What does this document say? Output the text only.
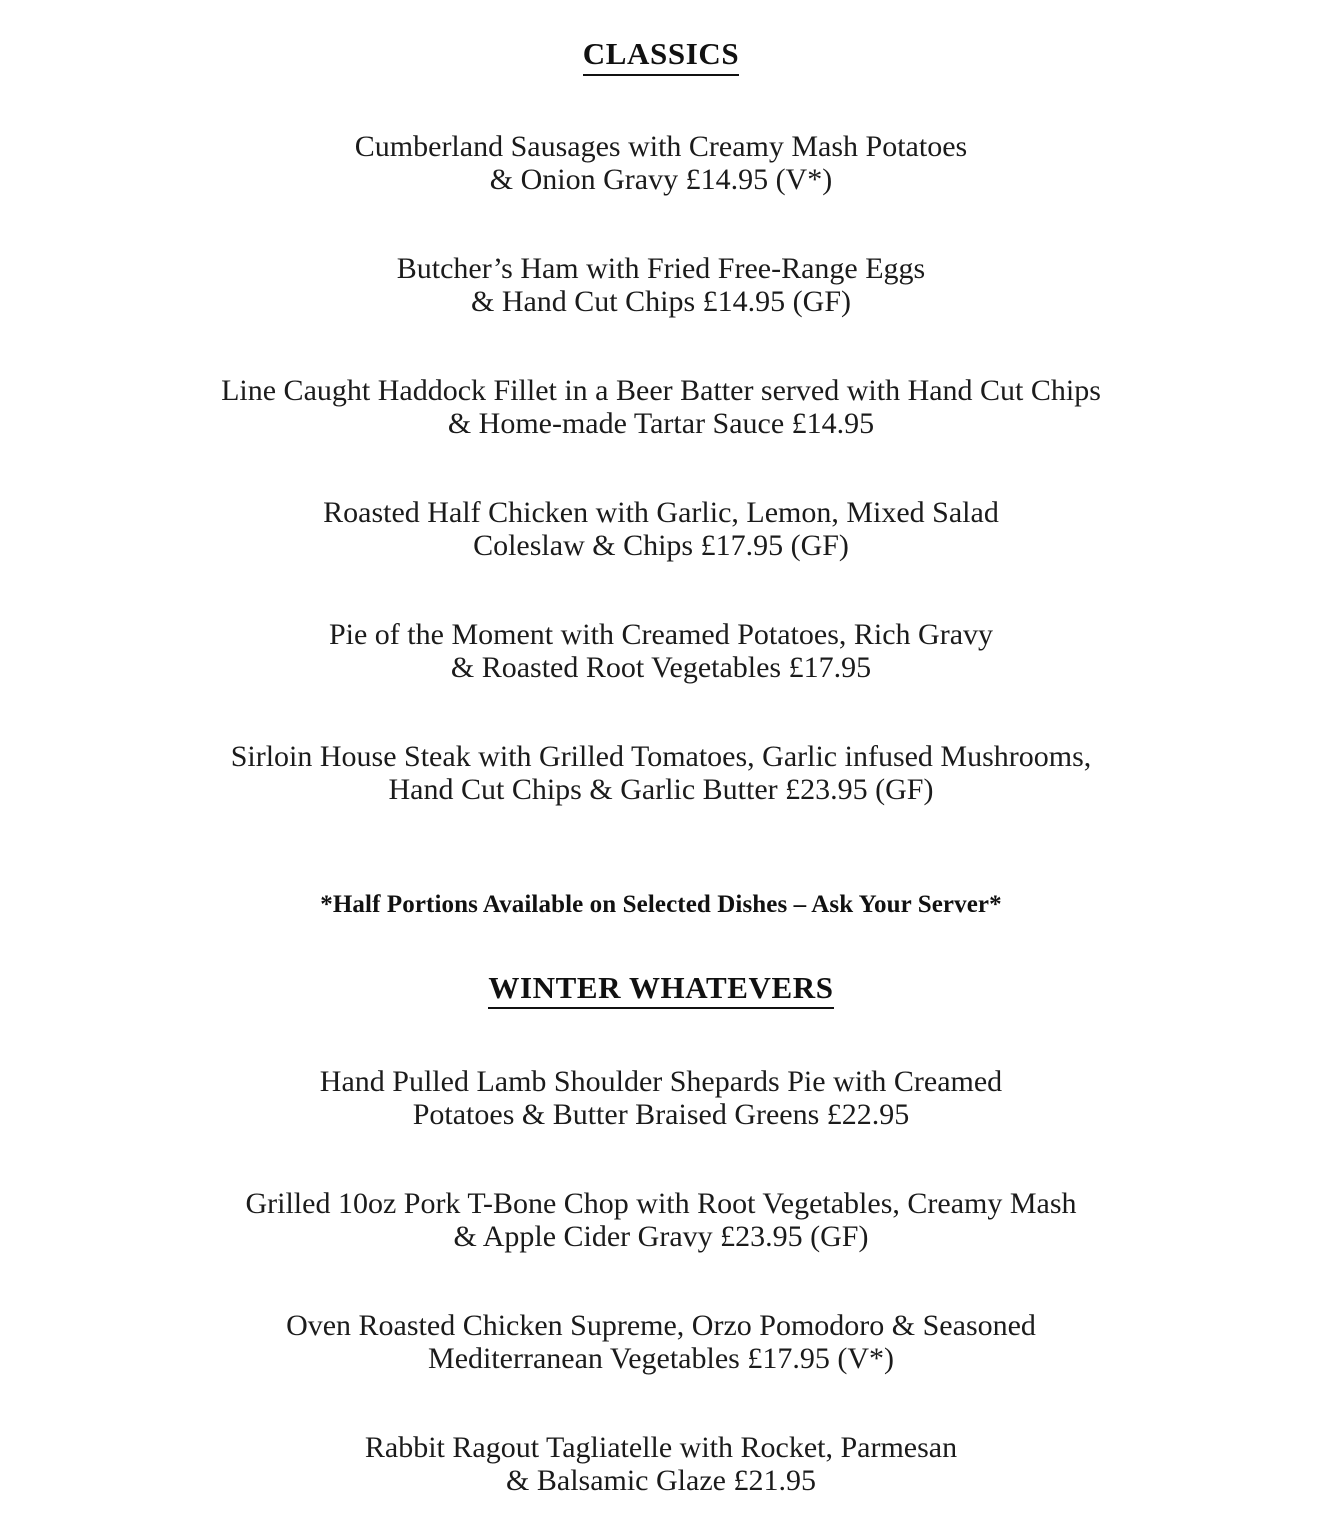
CLASSICS
Cumberland Sausages with Creamy Mash Potatoes
& Onion Gravy £14.95 (V*)
Butcher’s Ham with Fried Free-Range Eggs
& Hand Cut Chips £14.95 (GF)
Line Caught Haddock Fillet in a Beer Batter served with Hand Cut Chips
& Home-made Tartar Sauce £14.95
Roasted Half Chicken with Garlic, Lemon, Mixed Salad
Coleslaw & Chips £17.95 (GF)
Pie of the Moment with Creamed Potatoes, Rich Gravy
& Roasted Root Vegetables £17.95
Sirloin House Steak with Grilled Tomatoes, Garlic infused Mushrooms,
Hand Cut Chips & Garlic Butter £23.95 (GF)

*Half Portions Available on Selected Dishes – Ask Your Server*

WINTER WHATEVERS
Hand Pulled Lamb Shoulder Shepards Pie with Creamed
Potatoes & Butter Braised Greens £22.95
Grilled 10oz Pork T-Bone Chop with Root Vegetables, Creamy Mash
& Apple Cider Gravy £23.95 (GF)
Oven Roasted Chicken Supreme, Orzo Pomodoro & Seasoned
Mediterranean Vegetables £17.95 (V*)
Rabbit Ragout Tagliatelle with Rocket, Parmesan
& Balsamic Glaze £21.95
